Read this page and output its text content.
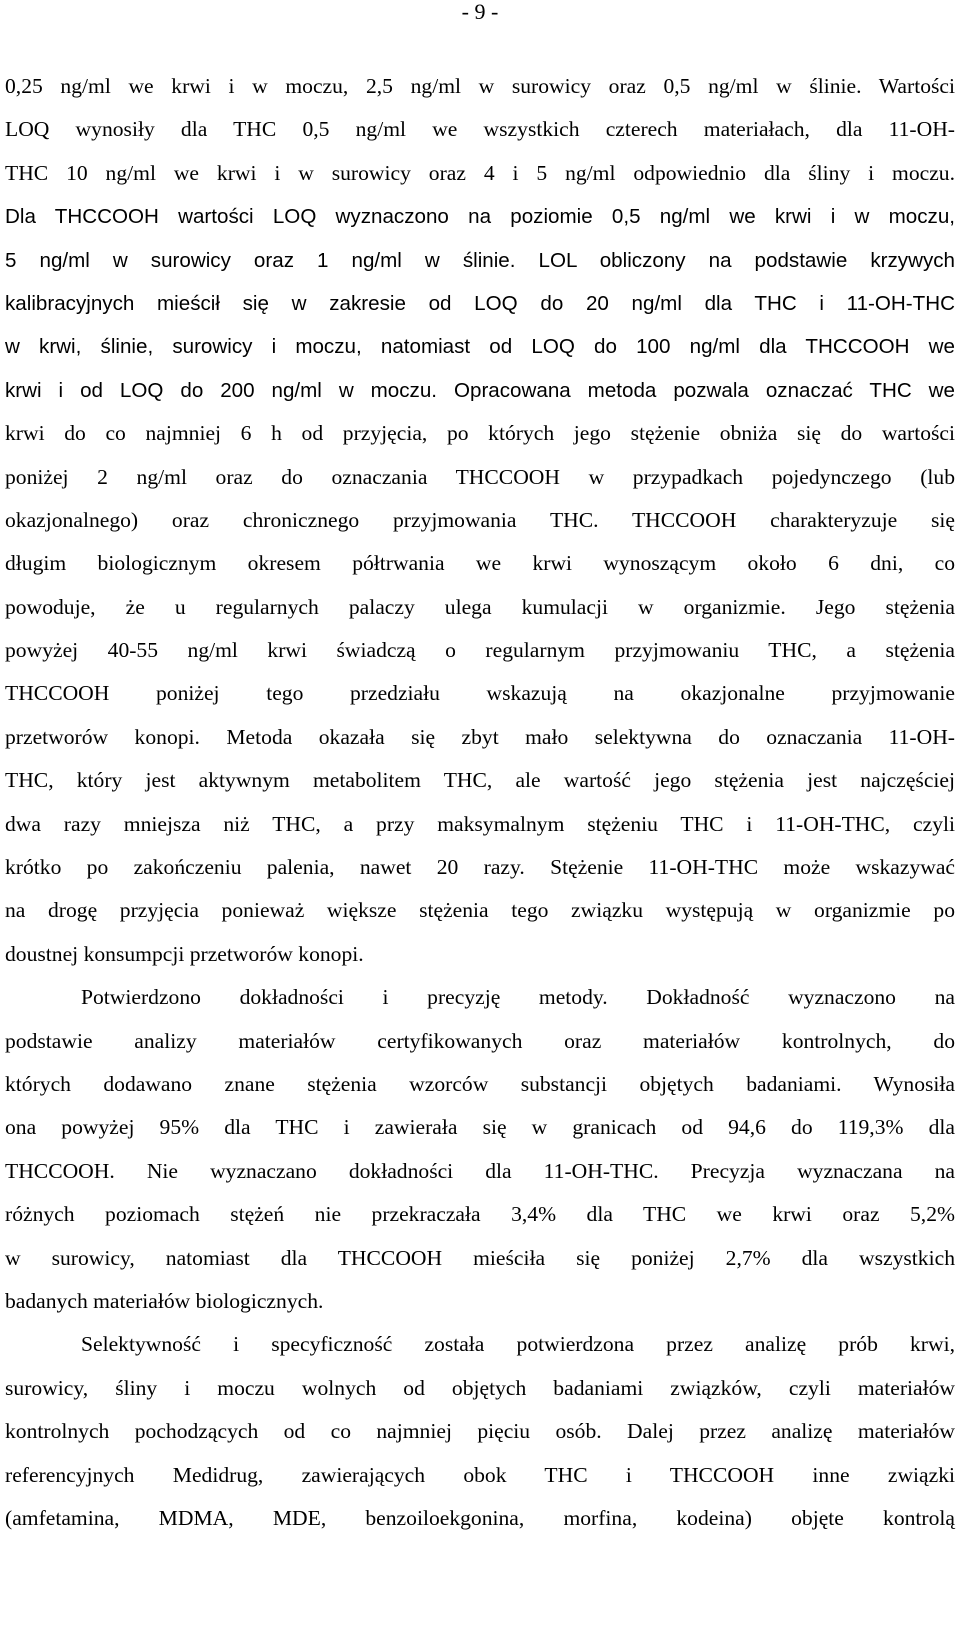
- 9 -
0,25 ng/ml we krwi i w moczu, 2,5 ng/ml w surowicy oraz 0,5 ng/ml w ślinie. Wartości
LOQ wynosiły dla THC 0,5 ng/ml we wszystkich czterech materiałach, dla 11-OH-
THC 10 ng/ml we krwi i w surowicy oraz 4 i 5 ng/ml odpowiednio dla śliny i moczu.
Dla THCCOOH wartości LOQ wyznaczono na poziomie 0,5 ng/ml we krwi i w moczu,
5 ng/ml w surowicy oraz 1 ng/ml w ślinie. LOL obliczony na podstawie krzywych
kalibracyjnych mieścił się w zakresie od LOQ do 20 ng/ml dla THC i 11-OH-THC
w krwi, ślinie, surowicy i moczu, natomiast od LOQ do 100 ng/ml dla THCCOOH we
krwi i od LOQ do 200 ng/ml w moczu. Opracowana metoda pozwala oznaczać THC we
krwi do co najmniej 6 h od przyjęcia, po których jego stężenie obniża się do wartości
poniżej 2 ng/ml oraz do oznaczania THCCOOH w przypadkach pojedynczego (lub
okazjonalnego) oraz chronicznego przyjmowania THC. THCCOOH charakteryzuje się
długim biologicznym okresem półtrwania we krwi wynoszącym około 6 dni, co
powoduje, że u regularnych palaczy ulega kumulacji w organizmie. Jego stężenia
powyżej 40-55 ng/ml krwi świadczą o regularnym przyjmowaniu THC, a stężenia
THCCOOH poniżej tego przedziału wskazują na okazjonalne przyjmowanie
przetworów konopi. Metoda okazała się zbyt mało selektywna do oznaczania 11-OH-
THC, który jest aktywnym metabolitem THC, ale wartość jego stężenia jest najczęściej
dwa razy mniejsza niż THC, a przy maksymalnym stężeniu THC i 11-OH-THC, czyli
krótko po zakończeniu palenia, nawet 20 razy. Stężenie 11-OH-THC może wskazywać
na drogę przyjęcia ponieważ większe stężenia tego związku występują w organizmie po
doustnej konsumpcji przetworów konopi.
Potwierdzono dokładności i precyzję metody. Dokładność wyznaczono na
podstawie analizy materiałów certyfikowanych oraz materiałów kontrolnych, do
których dodawano znane stężenia wzorców substancji objętych badaniami. Wynosiła
ona powyżej 95% dla THC i zawierała się w granicach od 94,6 do 119,3% dla
THCCOOH. Nie wyznaczano dokładności dla 11-OH-THC. Precyzja wyznaczana na
różnych poziomach stężeń nie przekraczała 3,4% dla THC we krwi oraz 5,2%
w surowicy, natomiast dla THCCOOH mieściła się poniżej 2,7% dla wszystkich
badanych materiałów biologicznych.
Selektywność i specyficzność została potwierdzona przez analizę prób krwi,
surowicy, śliny i moczu wolnych od objętych badaniami związków, czyli materiałów
kontrolnych pochodzących od co najmniej pięciu osób. Dalej przez analizę materiałów
referencyjnych Medidrug, zawierających obok THC i THCCOOH inne związki
(amfetamina, MDMA, MDE, benzoiloekgonina, morfina, kodeina) objęte kontrolą
